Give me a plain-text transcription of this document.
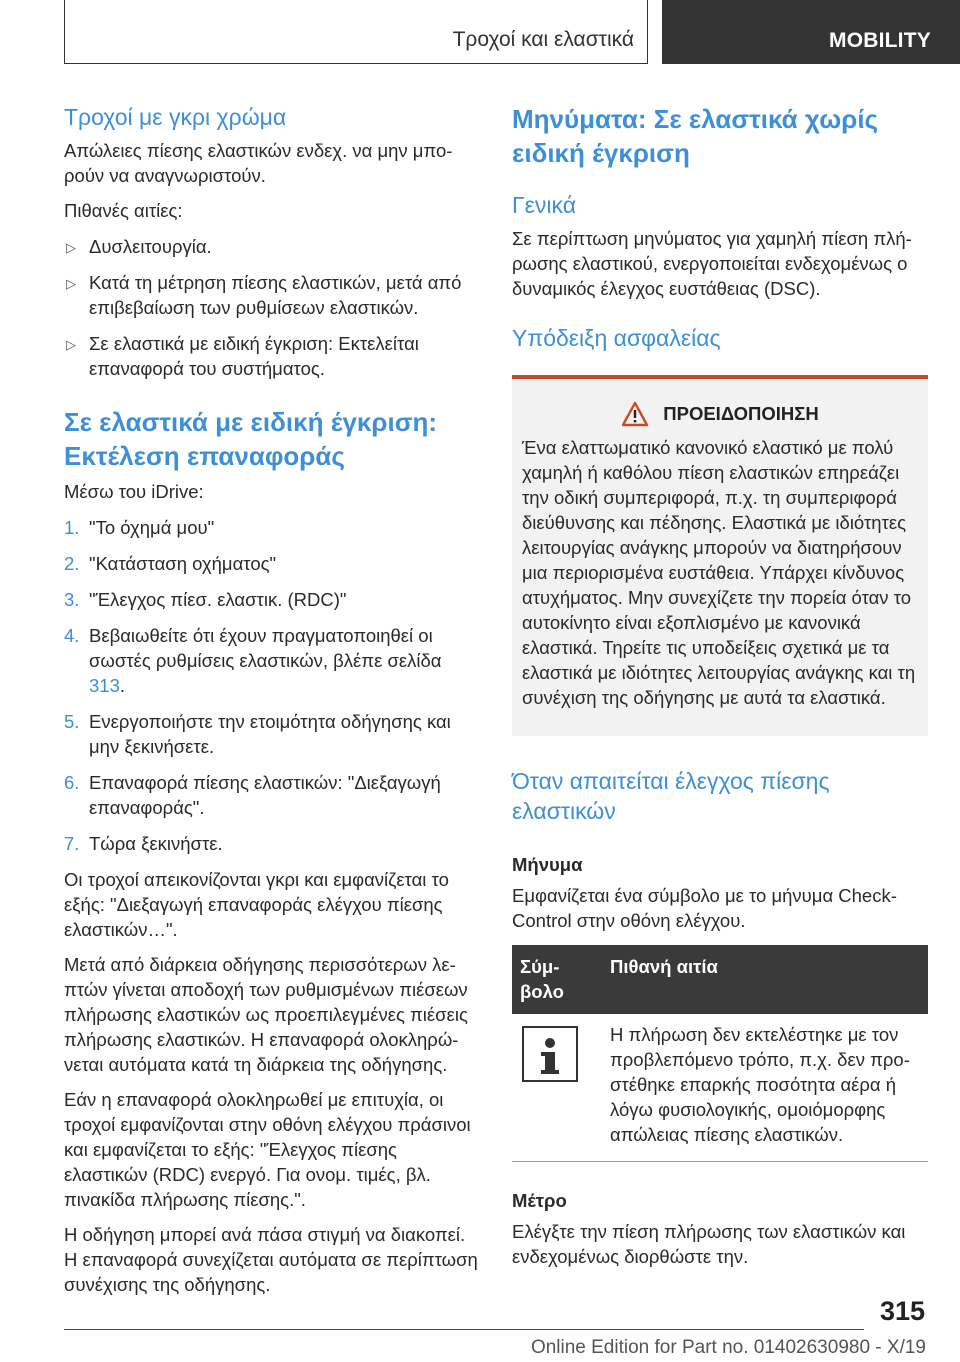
Τροχοί και ελαστικά	MOBILITY
Τροχοί με γκρι χρώμα
Απώλειες πίεσης ελαστικών ενδεχ. να μην μπορούν να αναγνωριστούν.
Πιθανές αιτίες:
▷ Δυσλειτουργία.
▷ Κατά τη μέτρηση πίεσης ελαστικών, μετά από επιβεβαίωση των ρυθμίσεων ελαστικών.
▷ Σε ελαστικά με ειδική έγκριση: Εκτελείται επαναφορά του συστήματος.
Σε ελαστικά με ειδική έγκριση: Εκτέλεση επαναφοράς
Μέσω του iDrive:
1. "Το όχημά μου"
2. "Κατάσταση οχήματος"
3. "Έλεγχος πίεσ. ελαστικ. (RDC)"
4. Βεβαιωθείτε ότι έχουν πραγματοποιηθεί οι σωστές ρυθμίσεις ελαστικών, βλέπε σελίδα 313.
5. Ενεργοποιήστε την ετοιμότητα οδήγησης και μην ξεκινήσετε.
6. Επαναφορά πίεσης ελαστικών: "Διεξαγωγή επαναφοράς".
7. Τώρα ξεκινήστε.
Οι τροχοί απεικονίζονται γκρι και εμφανίζεται το εξής: "Διεξαγωγή επαναφοράς ελέγχου πίεσης ελαστικών…".
Μετά από διάρκεια οδήγησης περισσότερων λεπτών γίνεται αποδοχή των ρυθμισμένων πιέσεων πλήρωσης ελαστικών ως προεπιλεγμένες πιέσεις πλήρωσης ελαστικών. Η επαναφορά ολοκληρώνεται αυτόματα κατά τη διάρκεια της οδήγησης.
Εάν η επαναφορά ολοκληρωθεί με επιτυχία, οι τροχοί εμφανίζονται στην οθόνη ελέγχου πράσινοι και εμφανίζεται το εξής: "Έλεγχος πίεσης ελαστικών (RDC) ενεργό. Για ονομ. τιμές, βλ. πινακίδα πλήρωσης πίεσης.".
Η οδήγηση μπορεί ανά πάσα στιγμή να διακοπεί. Η επαναφορά συνεχίζεται αυτόματα σε περίπτωση συνέχισης της οδήγησης.
Μηνύματα: Σε ελαστικά χωρίς ειδική έγκριση
Γενικά
Σε περίπτωση μηνύματος για χαμηλή πίεση πλήρωσης ελαστικού, ενεργοποιείται ενδεχομένως ο δυναμικός έλεγχος ευστάθειας (DSC).
Υπόδειξη ασφαλείας
ΠΡΟΕΙΔΟΠΟΙΗΣΗ
Ένα ελαττωματικό κανονικό ελαστικό με πολύ χαμηλή ή καθόλου πίεση ελαστικών επηρεάζει την οδική συμπεριφορά, π.χ. τη συμπεριφορά διεύθυνσης και πέδησης. Ελαστικά με ιδιότητες λειτουργίας ανάγκης μπορούν να διατηρήσουν μια περιορισμένα ευστάθεια. Υπάρχει κίνδυνος ατυχήματος. Μην συνεχίζετε την πορεία όταν το αυτοκίνητο είναι εξοπλισμένο με κανονικά ελαστικά. Τηρείτε τις υποδείξεις σχετικά με τα ελαστικά με ιδιότητες λειτουργίας ανάγκης και τη συνέχιση της οδήγησης με αυτά τα ελαστικά.
Όταν απαιτείται έλεγχος πίεσης ελαστικών
Μήνυμα
Εμφανίζεται ένα σύμβολο με το μήνυμα Check-Control στην οθόνη ελέγχου.
Σύμβολο	Πιθανή αιτία

	Η πλήρωση δεν εκτελέστηκε με τον προβλεπόμενο τρόπο, π.χ. δεν προστέθηκε επαρκής ποσότητα αέρα ή λόγω φυσιολογικής, ομοιόμορφης απώλειας πίεσης ελαστικών.
Μέτρο
Ελέγξτε την πίεση πλήρωσης των ελαστικών και ενδεχομένως διορθώστε την.
315
Online Edition for Part no. 01402630980 - X/19
